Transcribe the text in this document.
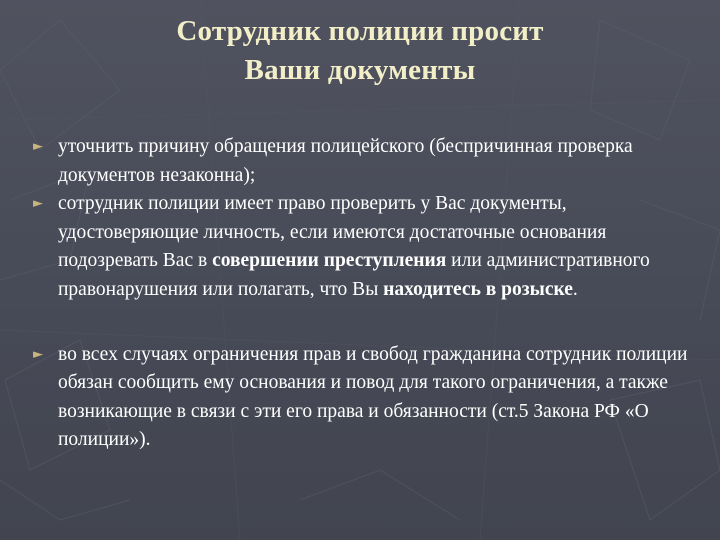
Сотрудник полиции просит
Ваши документы
► уточнить причину обращения полицейского (беспричинная проверка документов незаконна);
► сотрудник полиции имеет право проверить у Вас документы, удостоверяющие личность, если имеются достаточные основания подозревать Вас в совершении преступления или административного правонарушения или полагать, что Вы находитесь в розыске.
► во всех случаях ограничения прав и свобод гражданина сотрудник полиции обязан сообщить ему основания и повод для такого ограничения, а также возникающие в связи с эти его права и обязанности (ст.5 Закона РФ «О полиции»).
